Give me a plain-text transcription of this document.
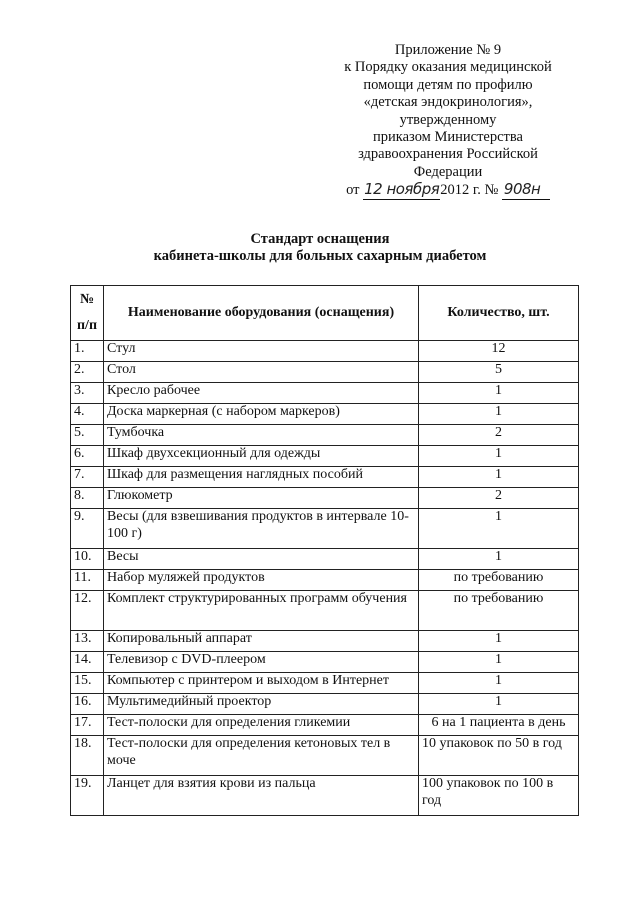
Приложение № 9
к Порядку оказания медицинской
помощи детям по профилю
«детская эндокринология»,
утвержденному
приказом Министерства
здравоохранения Российской
Федерации
от 12 ноября2012 г. № 908н
Стандарт оснащения
кабинета-школы для больных сахарным диабетом
№ п/п	Наименование оборудования (оснащения)	Количество, шт.
1.	Стул	12
2.	Стол	5
3.	Кресло рабочее	1
4.	Доска маркерная (с набором маркеров)	1
5.	Тумбочка	2
6.	Шкаф двухсекционный для одежды	1
7.	Шкаф для размещения наглядных пособий	1
8.	Глюкометр	2
9.	Весы (для взвешивания продуктов в интервале 10-100 г)	1
10.	Весы	1
11.	Набор муляжей продуктов	по требованию
12.	Комплект структурированных программ обучения	по требованию
13.	Копировальный аппарат	1
14.	Телевизор с DVD-плеером	1
15.	Компьютер с принтером и выходом в Интернет	1
16.	Мультимедийный проектор	1
17.	Тест-полоски для определения гликемии	6 на 1 пациента в день
18.	Тест-полоски для определения кетоновых тел в моче	10 упаковок по 50 в год
19.	Ланцет для взятия крови из пальца	100 упаковок по 100 в год
